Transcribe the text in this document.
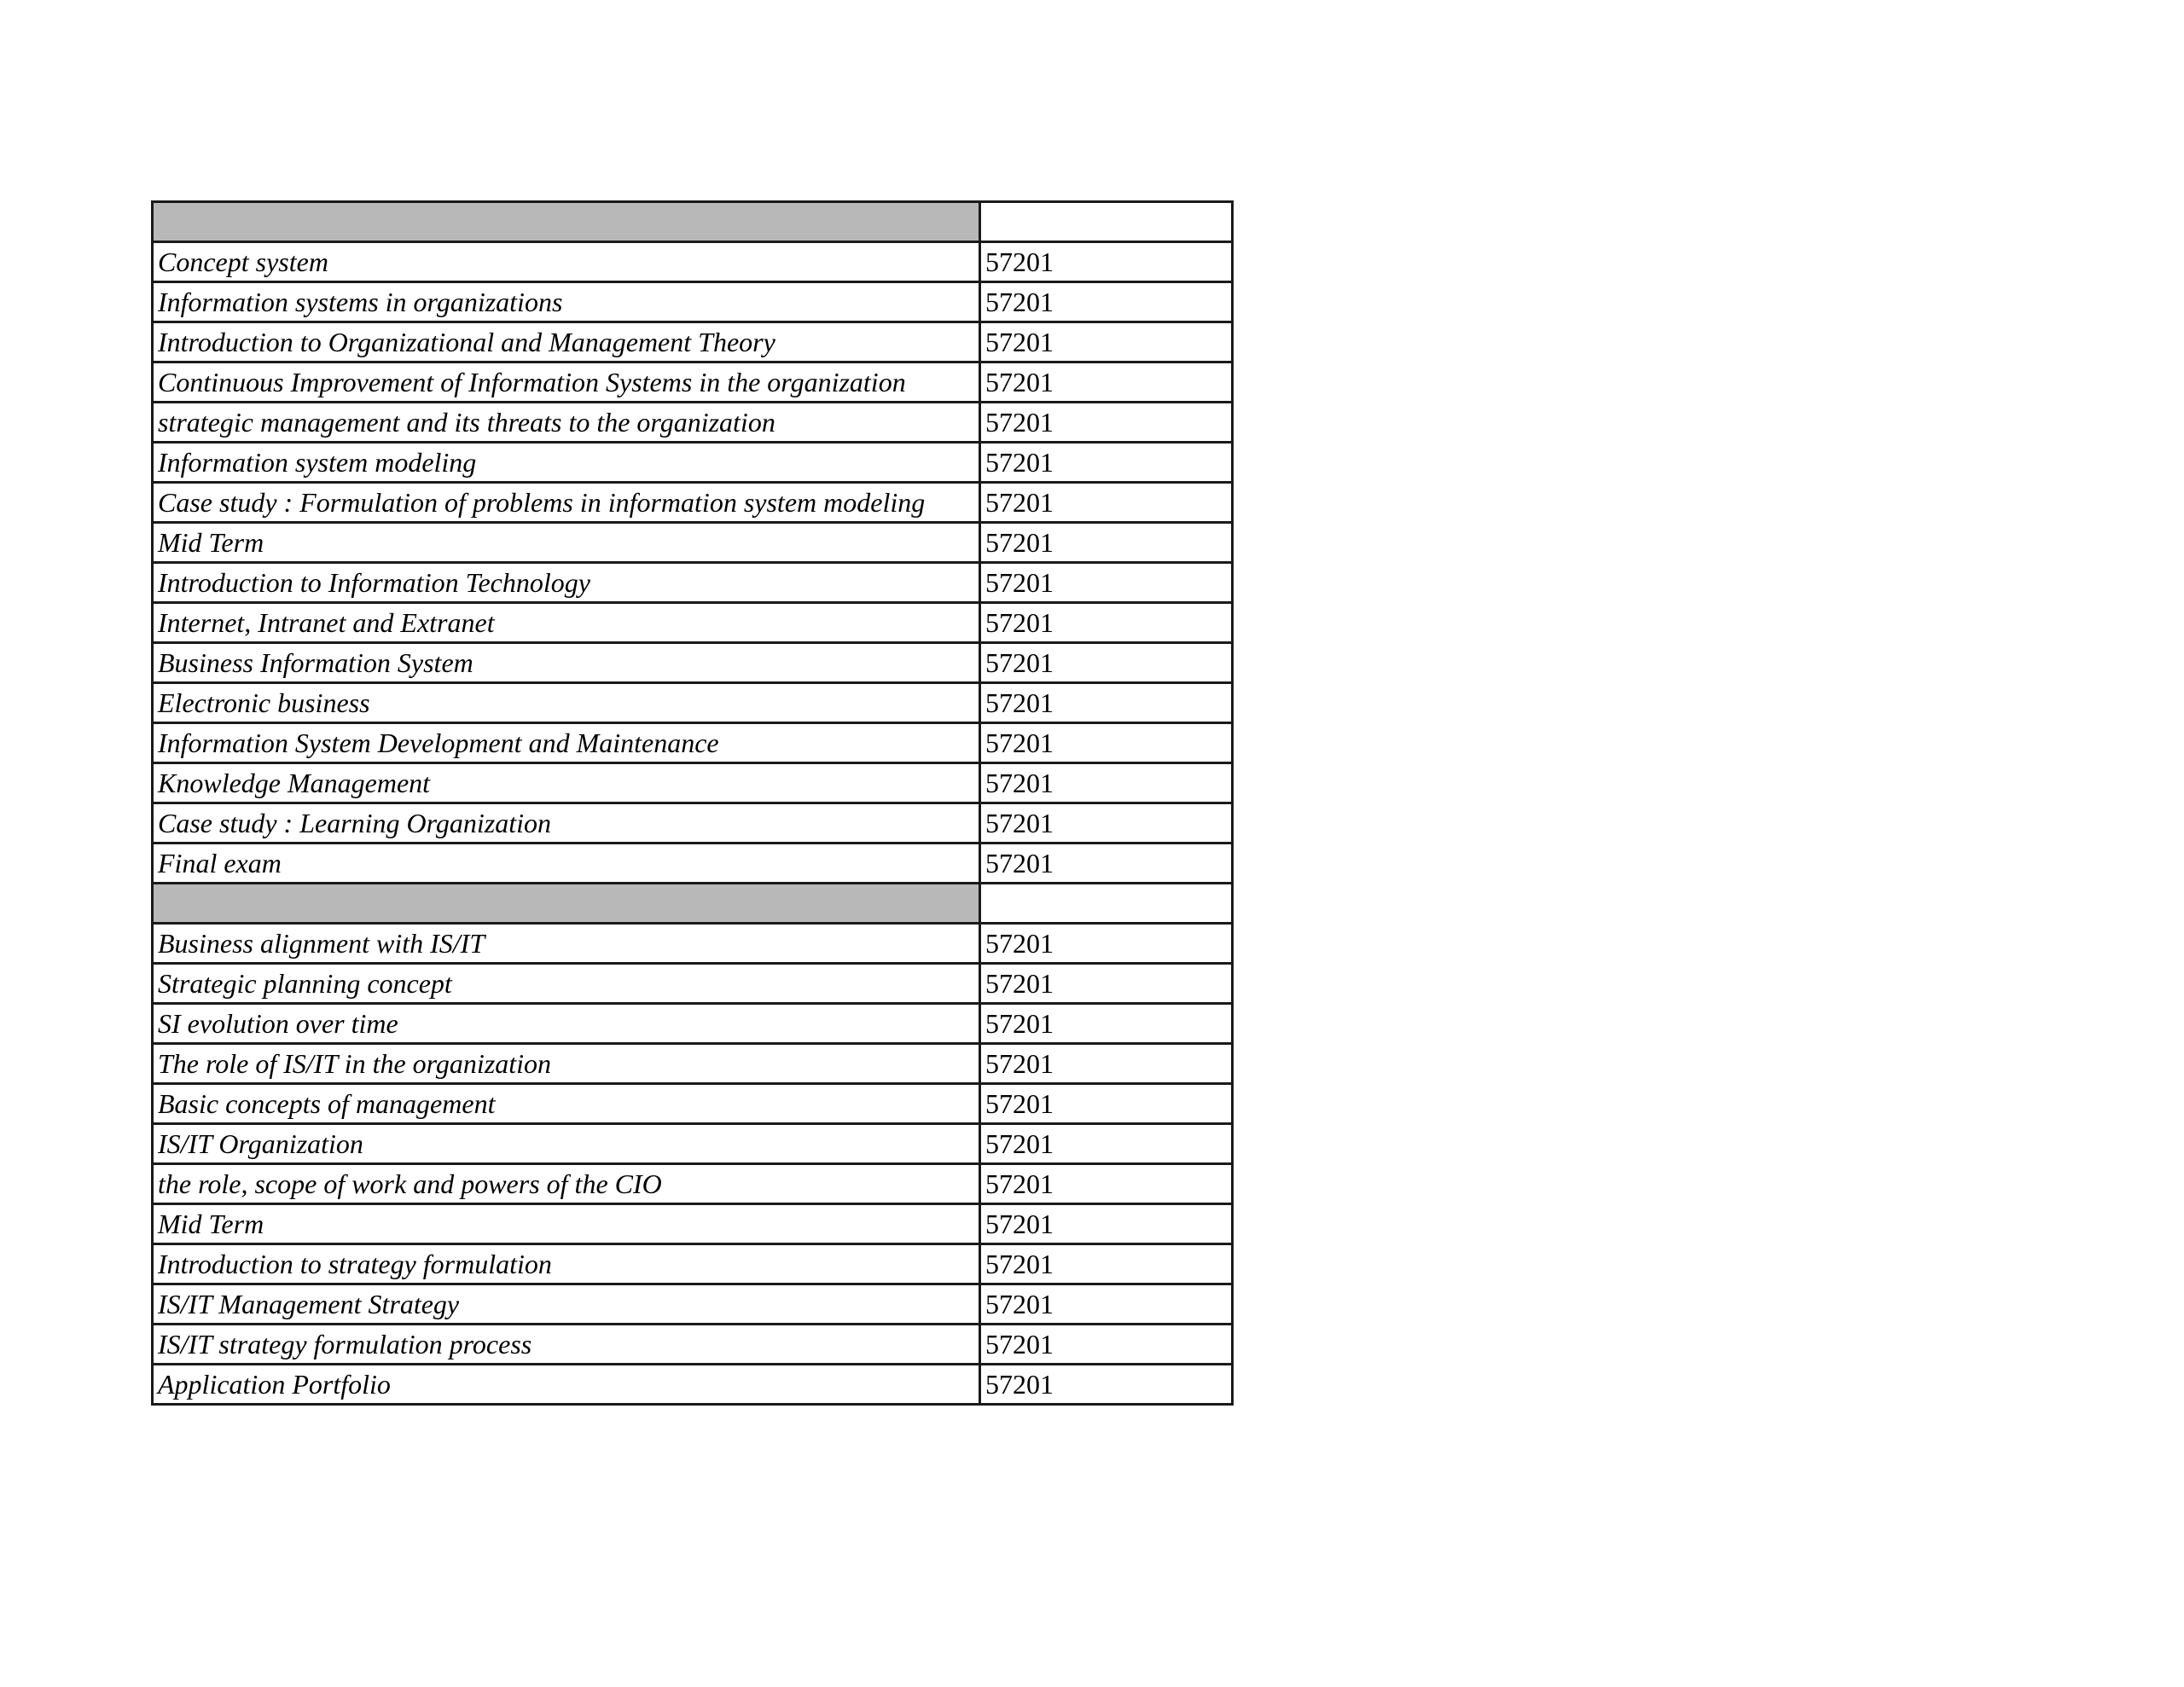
Concept system	57201
Information systems in organizations	57201
Introduction to Organizational and Management Theory	57201
Continuous Improvement of Information Systems in the organization	57201
strategic management and its threats to the organization	57201
Information system modeling	57201
Case study : Formulation of problems in information system modeling	57201
Mid Term	57201
Introduction to Information Technology	57201
Internet, Intranet and Extranet	57201
Business Information System	57201
Electronic business	57201
Information System Development and Maintenance	57201
Knowledge Management	57201
Case study : Learning Organization	57201
Final exam	57201

Business alignment with IS/IT	57201
Strategic planning concept	57201
SI evolution over time	57201
The role of IS/IT in the organization	57201
Basic concepts of management	57201
IS/IT Organization	57201
the role, scope of work and powers of the CIO	57201
Mid Term	57201
Introduction to strategy formulation	57201
IS/IT Management Strategy	57201
IS/IT strategy formulation process	57201
Application Portfolio	57201
